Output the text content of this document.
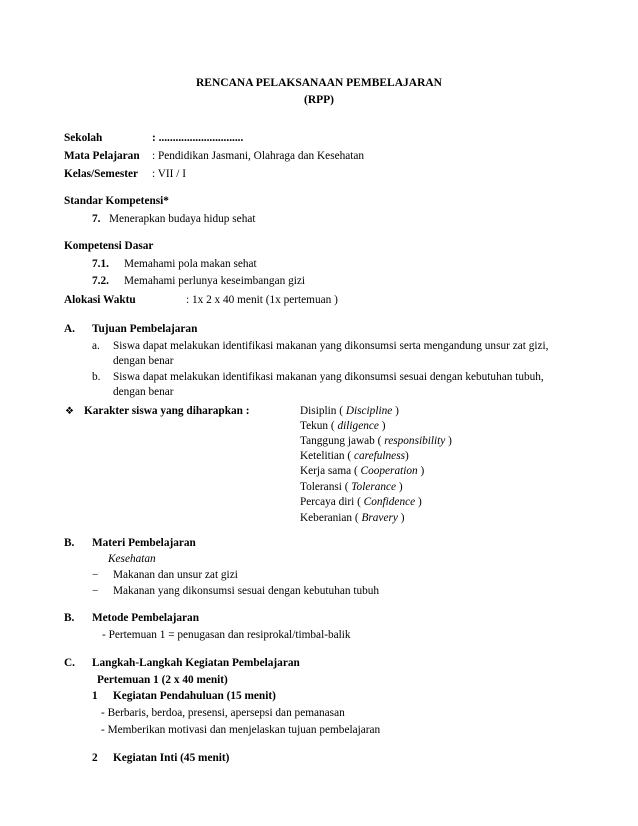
RENCANA PELAKSANAAN PEMBELAJARAN
(RPP)
Sekolah	: ..............................
Mata Pelajaran : Pendidikan Jasmani, Olahraga dan Kesehatan
Kelas/Semester : VII / I
Standar Kompetensi*
7. Menerapkan budaya hidup sehat
Kompetensi Dasar
7.1. Memahami pola makan sehat
7.2. Memahami perlunya keseimbangan gizi
Alokasi Waktu	: 1x 2 x 40 menit (1x pertemuan )
A. Tujuan Pembelajaran
a. Siswa dapat melakukan identifikasi makanan yang dikonsumsi serta mengandung unsur zat gizi,
dengan benar
b. Siswa dapat melakukan identifikasi makanan yang dikonsumsi sesuai dengan kebutuhan tubuh,
dengan benar
❖ Karakter siswa yang diharapkan :	Disiplin ( Discipline )
Tekun ( diligence )
Tanggung jawab ( responsibility )
Ketelitian ( carefulness)
Kerja sama ( Cooperation )
Toleransi ( Tolerance )
Percaya diri ( Confidence )
Keberanian ( Bravery )
B. Materi Pembelajaran
Kesehatan
− Makanan dan unsur zat gizi
− Makanan yang dikonsumsi sesuai dengan kebutuhan tubuh
B. Metode Pembelajaran
- Pertemuan 1 = penugasan dan resiprokal/timbal-balik
C. Langkah-Langkah Kegiatan Pembelajaran
Pertemuan 1 (2 x 40 menit)
1 Kegiatan Pendahuluan (15 menit)
- Berbaris, berdoa, presensi, apersepsi dan pemanasan
- Memberikan motivasi dan menjelaskan tujuan pembelajaran
2 Kegiatan Inti (45 menit)
